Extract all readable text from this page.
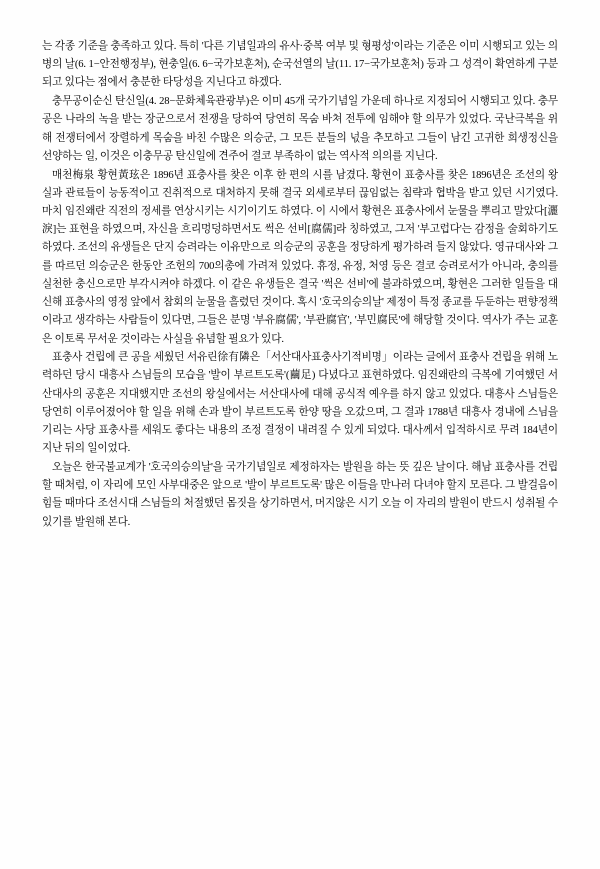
는 각종 기준을 충족하고 있다. 특히 '다른 기념일과의 유사·중복 여부 및 형평성'이라는 기준은 이미 시행되고 있는 의병의 날(6. 1−안전행정부), 현충일(6. 6−국가보훈처), 순국선열의 날(11. 17−국가보훈처) 등과 그 성격이 확연하게 구분되고 있다는 점에서 충분한 타당성을 지닌다고 하겠다.

충무공이순신 탄신일(4. 28−문화체육관광부)은 이미 45개 국가기념일 가운데 하나로 지정되어 시행되고 있다. 충무공은 나라의 녹을 받는 장군으로서 전쟁을 당하여 당연히 목숨 바쳐 전투에 임해야 할 의무가 있었다. 국난극복을 위해 전쟁터에서 장렬하게 목숨을 바친 수많은 의승군, 그 모든 분들의 넋을 추모하고 그들이 남긴 고귀한 희생정신을 선양하는 일, 이것은 이충무공 탄신일에 견주어 결코 부족하이 없는 역사적 의의를 지닌다.

매천梅泉 황현黃玹은 1896년 표충사를 찾은 이후 한 편의 시를 남겼다. 황현이 표충사를 찾은 1896년은 조선의 왕실과 관료들이 능동적이고 진취적으로 대처하지 못해 결국 외세로부터 끊임없는 침략과 협박을 받고 있던 시기였다. 마치 임진왜란 직전의 정세를 연상시키는 시기이기도 하였다. 이 시에서 황현은 표충사에서 눈물을 뿌리고 말았다[灑淚]는 표현을 하였으며, 자신을 흐리멍덩하면서도 썩은 선비[腐儒]라 칭하였고, 그저 '부고럽다'는 감정을 술회하기도 하였다. 조선의 유생들은 단지 승려라는 이유만으로 의승군의 공훈을 정당하게 평가하려 들지 않았다. 영규대사와 그를 따르던 의승군은 한동안 조헌의 700의총에 가려져 있었다. 휴정, 유정, 처영 등은 결코 승려로서가 아니라, 충의를 실천한 충신으로만 부각시켜야 하겠다. 이 같은 유생들은 결국 '썩은 선비'에 불과하였으며, 황현은 그러한 일들을 대신해 표충사의 영정 앞에서 참회의 눈물을 흘렸던 것이다. 혹시 '호국의승의날' 제정이 특정 종교를 두둔하는 편향정책이라고 생각하는 사람들이 있다면, 그들은 분명 '부유腐儒', '부관腐官', '부민腐民'에 해당할 것이다. 역사가 주는 교훈은 이토록 무서운 것이라는 사실을 유념할 필요가 있다.

표충사 건립에 큰 공을 세웠던 서유린徐有隣은「서산대사표충사기적비명」이라는 글에서 표충사 건립을 위해 노력하던 당시 대흥사 스님들의 모습을 '발이 부르트도록'(繭足) 다녔다고 표현하였다. 임진왜란의 극복에 기여했던 서산대사의 공훈은 지대했지만 조선의 왕실에서는 서산대사에 대해 공식적 예우를 하지 않고 있었다. 대흥사 스님들은 당연히 이루어졌어야 할 일을 위해 손과 발이 부르트도록 한양 땅을 오갔으며, 그 결과 1788년 대흥사 경내에 스님을 기리는 사당 표충사를 세워도 좋다는 내용의 조정 결정이 내려질 수 있게 되었다. 대사께서 입적하시로 무려 184년이 지난 뒤의 일이었다.

오늘은 한국불교계가 '호국의승의날'을 국가기념일로 제정하자는 발원을 하는 뜻 깊은 날이다. 해남 표충사를 건립할 때처럼, 이 자리에 모인 사부대중은 앞으로 '발이 부르트도록' 많은 이들을 만나러 다녀야 할지 모른다. 그 발걸음이 힘들 때마다 조선시대 스님들의 처절했던 몸짓을 상기하면서, 머지않은 시기 오늘 이 자리의 발원이 반드시 성취될 수 있기를 발원해 본다.
